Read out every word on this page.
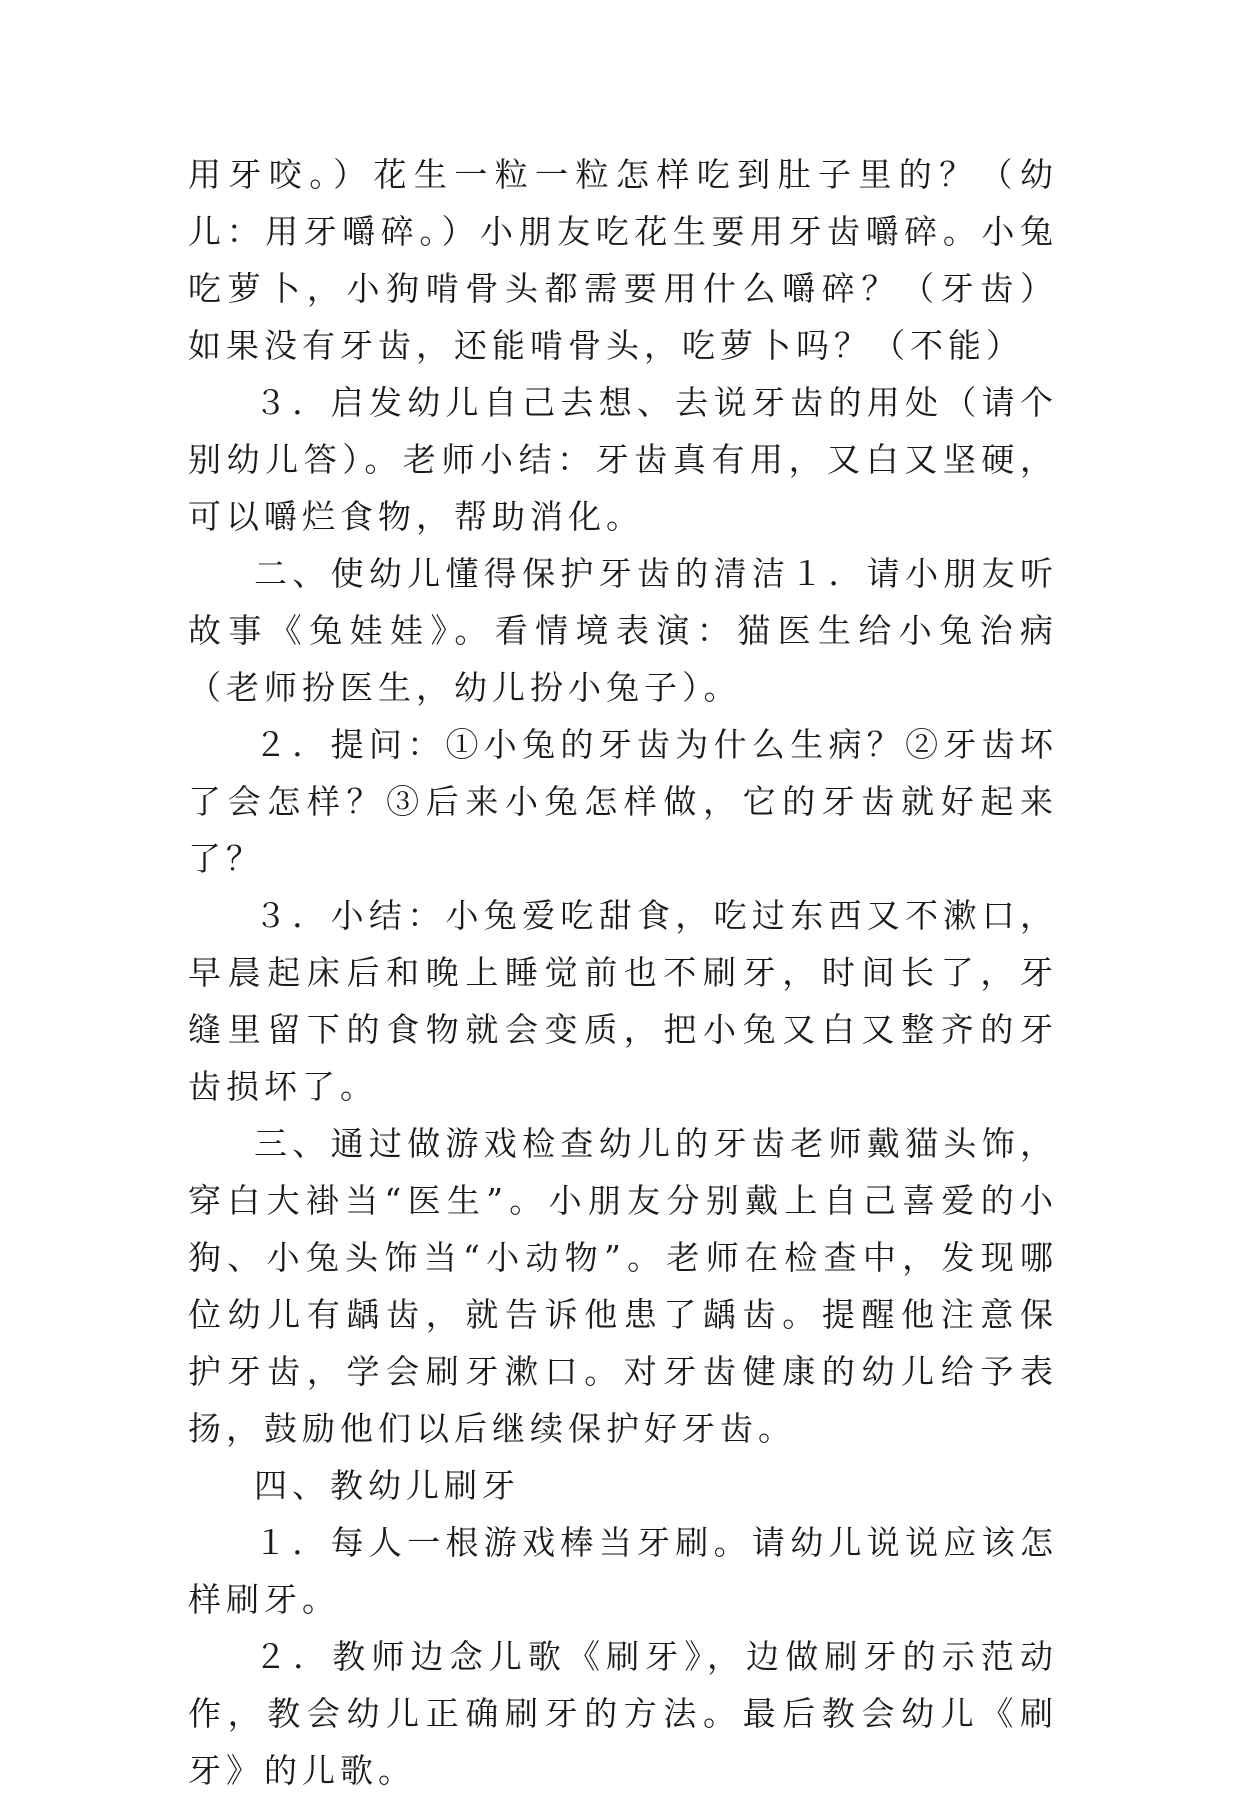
用牙咬。）花生一粒一粒怎样吃到肚子里的？（幼儿：用牙嚼碎。）小朋友吃花生要用牙齿嚼碎。小兔吃萝卜，小狗啃骨头都需要用什么嚼碎？（牙齿）如果没有牙齿，还能啃骨头，吃萝卜吗？（不能）

３．启发幼儿自己去想、去说牙齿的用处（请个别幼儿答）。老师小结：牙齿真有用，又白又坚硬，可以嚼烂食物，帮助消化。

二、使幼儿懂得保护牙齿的清洁１．请小朋友听故事《兔娃娃》。看情境表演：猫医生给小兔治病（老师扮医生，幼儿扮小兔子）。

２．提问：①小兔的牙齿为什么生病？②牙齿坏了会怎样？③后来小兔怎样做，它的牙齿就好起来了？

３．小结：小兔爱吃甜食，吃过东西又不漱口，早晨起床后和晚上睡觉前也不刷牙，时间长了，牙缝里留下的食物就会变质，把小兔又白又整齐的牙齿损坏了。

三、通过做游戏检查幼儿的牙齿老师戴猫头饰，穿白大褂当“医生”。小朋友分别戴上自己喜爱的小狗、小兔头饰当“小动物”。老师在检查中，发现哪位幼儿有龋齿，就告诉他患了龋齿。提醒他注意保护牙齿，学会刷牙漱口。对牙齿健康的幼儿给予表扬，鼓励他们以后继续保护好牙齿。

四、教幼儿刷牙

１．每人一根游戏棒当牙刷。请幼儿说说应该怎样刷牙。

２．教师边念儿歌《刷牙》，边做刷牙的示范动作，教会幼儿正确刷牙的方法。最后教会幼儿《刷牙》的儿歌。
